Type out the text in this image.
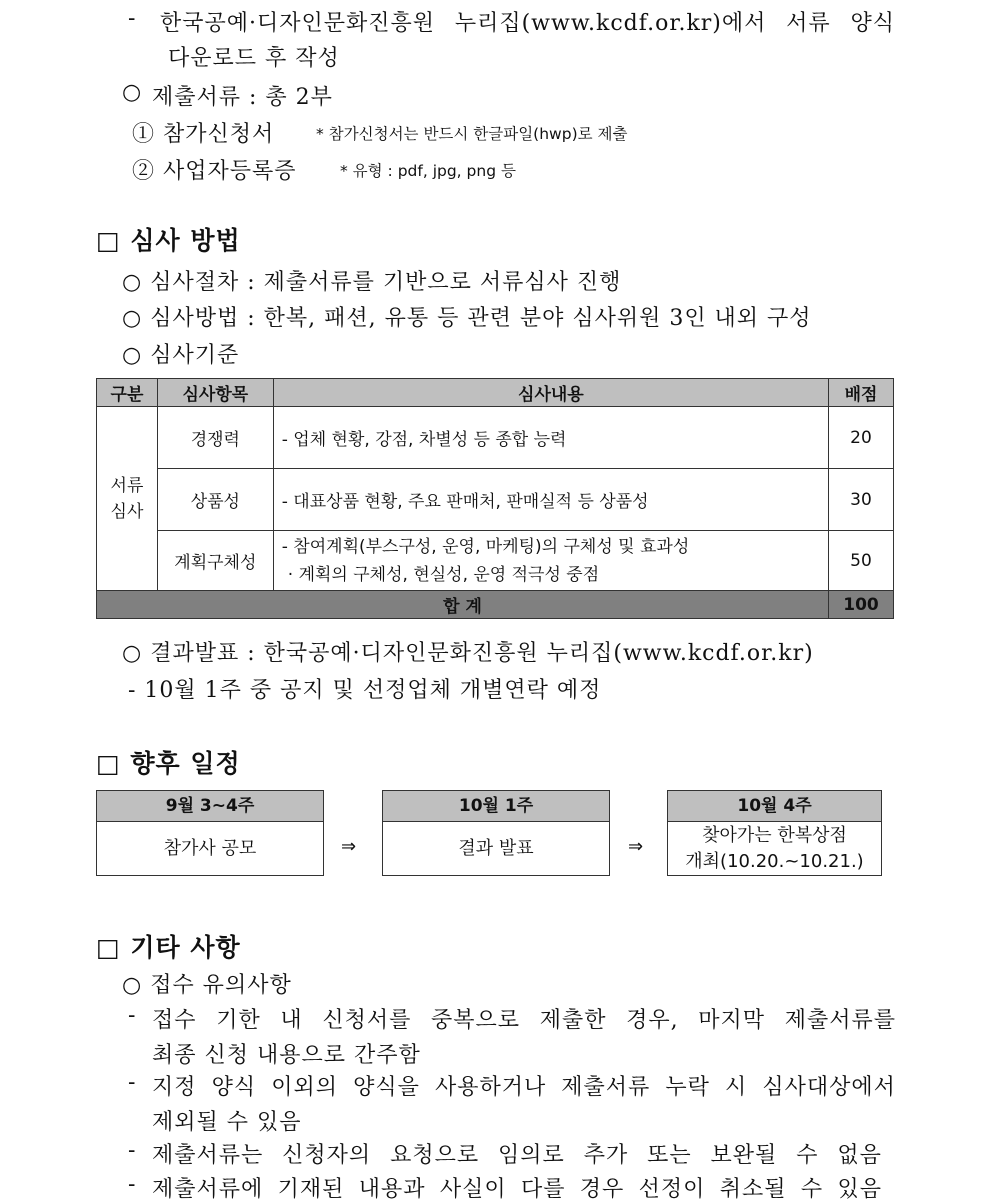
- 한국공예·디자인문화진흥원 누리집(www.kcdf.or.kr)에서 서류 양식
다운로드 후 작성
○ 제출서류 : 총 2부
① 참가신청서	* 참가신청서는 반드시 한글파일(hwp)로 제출
② 사업자등록증	* 유형 : pdf, jpg, png 등
□ 심사 방법
○ 심사절차 : 제출서류를 기반으로 서류심사 진행
○ 심사방법 : 한복, 패션, 유통 등 관련 분야 심사위원 3인 내외 구성
○ 심사기준
구분	심사항목	심사내용	배점
서류
심사	경쟁력	- 업체 현황, 강점, 차별성 등 종합 능력	20
	상품성	- 대표상품 현황, 주요 판매처, 판매실적 등 상품성	30
	계획구체성	- 참여계획(부스구성, 운영, 마케팅)의 구체성 및 효과성
· 계획의 구체성, 현실성, 운영 적극성 중점	50
합 계			100
○ 결과발표 : 한국공예·디자인문화진흥원 누리집(www.kcdf.or.kr)
- 10월 1주 중 공지 및 선정업체 개별연락 예정
□ 향후 일정
9월 3~4주
참가사 공모	⇒
10월 1주
결과 발표	⇒
10월 4주
찾아가는 한복상점
개최(10.20.~10.21.)
□ 기타 사항
○ 접수 유의사항
- 접수 기한 내 신청서를 중복으로 제출한 경우, 마지막 제출서류를
최종 신청 내용으로 간주함
- 지정 양식 이외의 양식을 사용하거나 제출서류 누락 시 심사대상에서
제외될 수 있음
- 제출서류는 신청자의 요청으로 임의로 추가 또는 보완될 수 없음
- 제출서류에 기재된 내용과 사실이 다를 경우 선정이 취소될 수 있음
